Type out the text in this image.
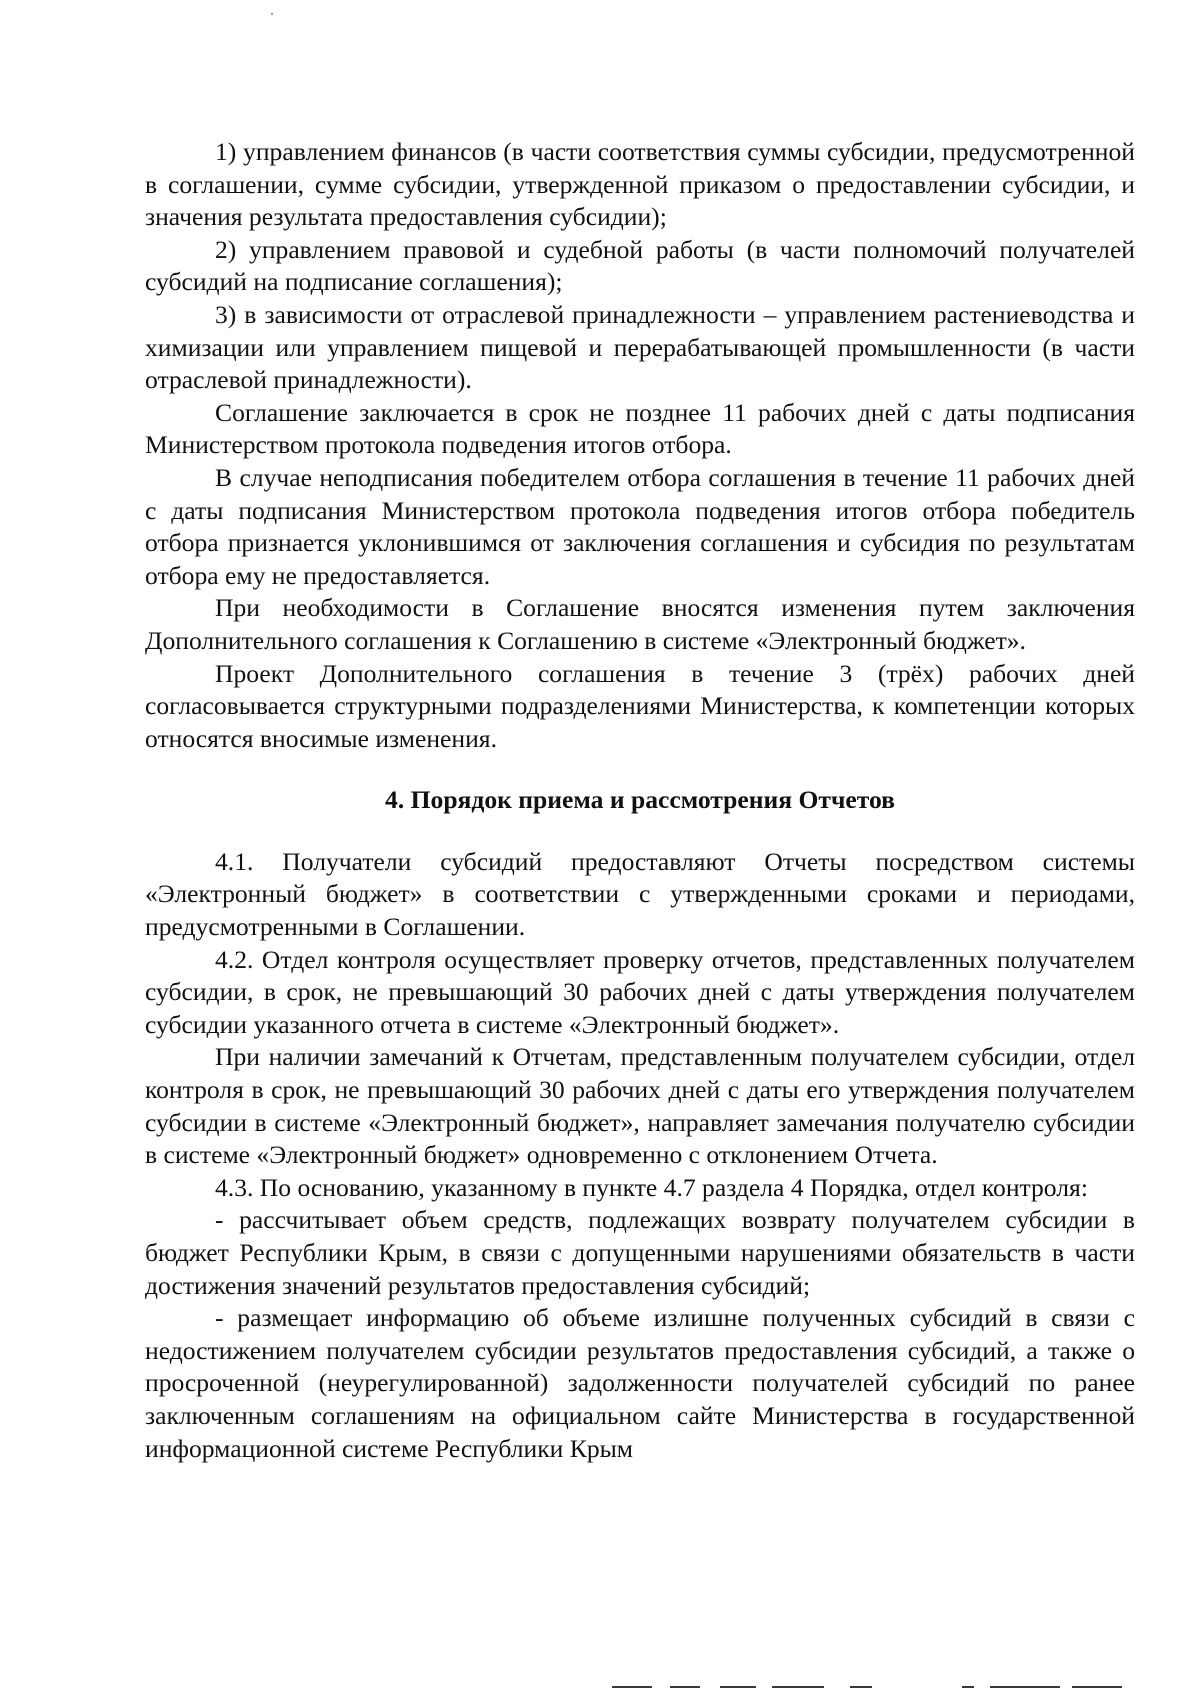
1) управлением финансов (в части соответствия суммы субсидии, предусмотренной в соглашении, сумме субсидии, утвержденной приказом о предоставлении субсидии, и значения результата предоставления субсидии);

2) управлением правовой и судебной работы (в части полномочий получателей субсидий на подписание соглашения);

3) в зависимости от отраслевой принадлежности – управлением растениеводства и химизации или управлением пищевой и перерабатывающей промышленности (в части отраслевой принадлежности).

Соглашение заключается в срок не позднее 11 рабочих дней с даты подписания Министерством протокола подведения итогов отбора.

В случае неподписания победителем отбора соглашения в течение 11 рабочих дней с даты подписания Министерством протокола подведения итогов отбора победитель отбора признается уклонившимся от заключения соглашения и субсидия по результатам отбора ему не предоставляется.

При необходимости в Соглашение вносятся изменения путем заключения Дополнительного соглашения к Соглашению в системе «Электронный бюджет».

Проект Дополнительного соглашения в течение 3 (трёх) рабочих дней согласовывается структурными подразделениями Министерства, к компетенции которых относятся вносимые изменения.

4. Порядок приема и рассмотрения Отчетов

4.1. Получатели субсидий предоставляют Отчеты посредством системы «Электронный бюджет» в соответствии с утвержденными сроками и периодами, предусмотренными в Соглашении.

4.2. Отдел контроля осуществляет проверку отчетов, представленных получателем субсидии, в срок, не превышающий 30 рабочих дней с даты утверждения получателем субсидии указанного отчета в системе «Электронный бюджет».

При наличии замечаний к Отчетам, представленным получателем субсидии, отдел контроля в срок, не превышающий 30 рабочих дней с даты его утверждения получателем субсидии в системе «Электронный бюджет», направляет замечания получателю субсидии в системе «Электронный бюджет» одновременно с отклонением Отчета.

4.3. По основанию, указанному в пункте 4.7 раздела 4 Порядка, отдел контроля:

- рассчитывает объем средств, подлежащих возврату получателем субсидии в бюджет Республики Крым, в связи с допущенными нарушениями обязательств в части достижения значений результатов предоставления субсидий;

- размещает информацию об объеме излишне полученных субсидий в связи с недостижением получателем субсидии результатов предоставления субсидий, а также о просроченной (неурегулированной) задолженности получателей субсидий по ранее заключенным соглашениям на официальном сайте Министерства в государственной информационной системе Республики Крым
